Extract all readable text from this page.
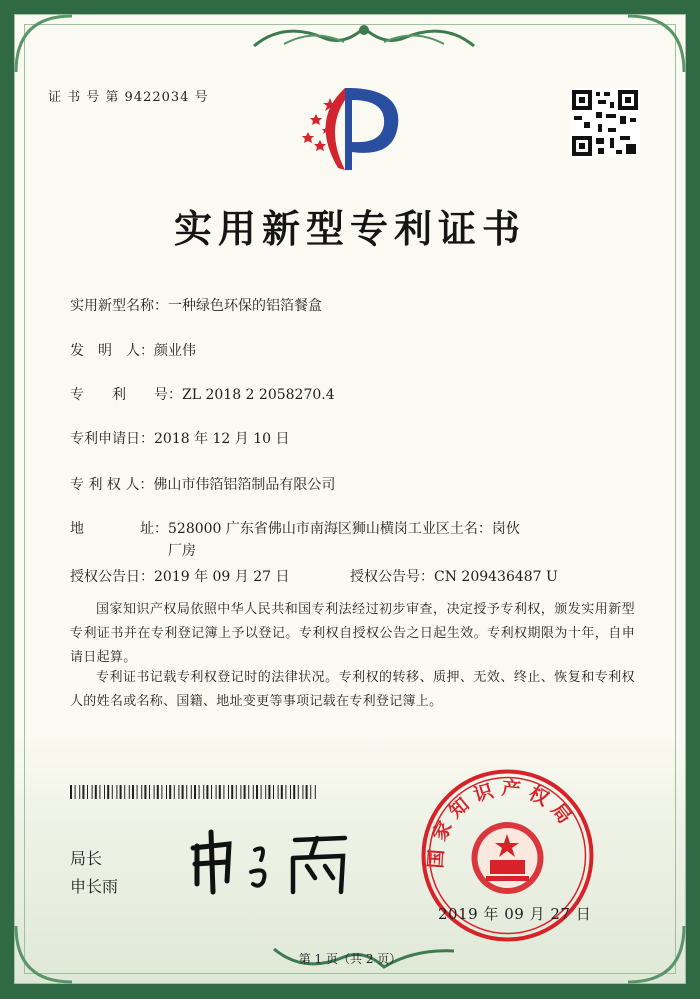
证 书 号 第 9422034 号
实用新型专利证书
实用新型名称：一种绿色环保的铝箔餐盒
发　明　人：颜业伟
专　　利　　号：ZL 2018 2 2058270.4
专利申请日：2018 年 12 月 10 日
专 利 权 人：佛山市伟箔铝箔制品有限公司
地　　　　址：528000 广东省佛山市南海区狮山横岗工业区土名：岗伙
厂房
授权公告日：2019 年 09 月 27 日	授权公告号：CN 209436487 U
国家知识产权局依照中华人民共和国专利法经过初步审查，决定授予专利权，颁发实用新型专利证书并在专利登记簿上予以登记。专利权自授权公告之日起生效。专利权期限为十年，自申请日起算。
专利证书记载专利权登记时的法律状况。专利权的转移、质押、无效、终止、恢复和专利权人的姓名或名称、国籍、地址变更等事项记载在专利登记簿上。
局长
申长雨
国家知识产权局
2019 年 09 月 27 日
第 1 页（共 2 页）
